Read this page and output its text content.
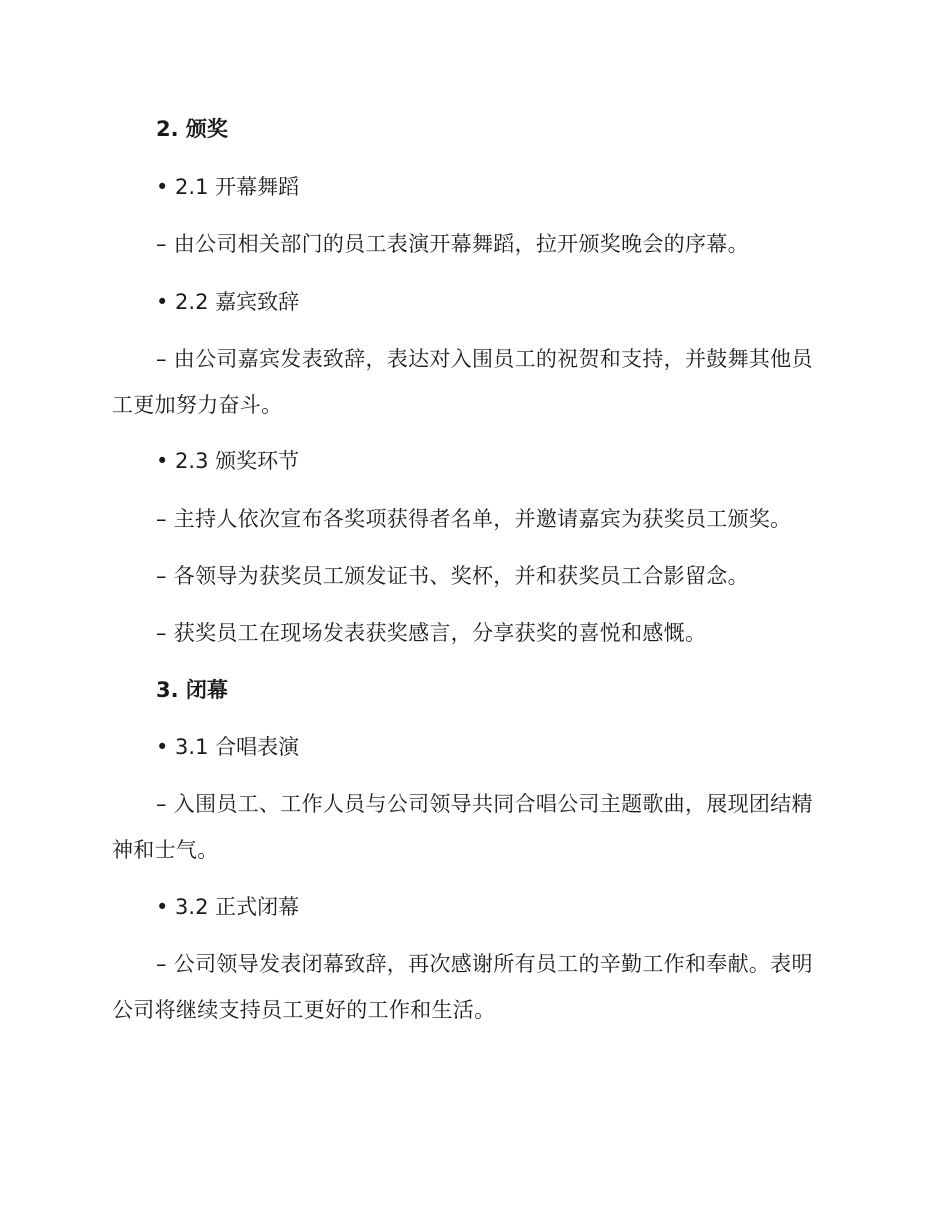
2. 颁奖

• 2.1 开幕舞蹈

– 由公司相关部门的员工表演开幕舞蹈，拉开颁奖晚会的序幕。

• 2.2 嘉宾致辞

– 由公司嘉宾发表致辞，表达对入围员工的祝贺和支持，并鼓舞其他员工更加努力奋斗。

• 2.3 颁奖环节

– 主持人依次宣布各奖项获得者名单，并邀请嘉宾为获奖员工颁奖。

– 各领导为获奖员工颁发证书、奖杯，并和获奖员工合影留念。

– 获奖员工在现场发表获奖感言，分享获奖的喜悦和感慨。

3. 闭幕

• 3.1 合唱表演

– 入围员工、工作人员与公司领导共同合唱公司主题歌曲，展现团结精神和士气。

• 3.2 正式闭幕

– 公司领导发表闭幕致辞，再次感谢所有员工的辛勤工作和奉献。表明公司将继续支持员工更好的工作和生活。
